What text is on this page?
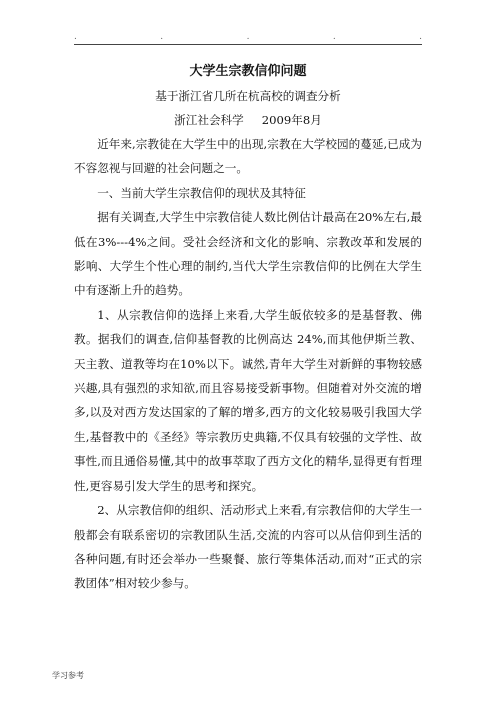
.	.	.	.	.
大学生宗教信仰问题
基于浙江省几所在杭高校的调查分析
浙江社会科学 2009年8月

近年来,宗教徒在大学生中的出现,宗教在大学校园的蔓延,已成为不容忽视与回避的社会问题之一。

一、当前大学生宗教信仰的现状及其特征

据有关调查,大学生中宗教信徒人数比例估计最高在20%左右,最低在3%---4%之间。受社会经济和文化的影响、宗教改革和发展的影响、大学生个性心理的制约,当代大学生宗教信仰的比例在大学生中有逐渐上升的趋势。

1、从宗教信仰的选择上来看,大学生皈依较多的是基督教、佛教。据我们的调查,信仰基督教的比例高达 24%,而其他伊斯兰教、天主教、道教等均在10%以下。诚然,青年大学生对新鲜的事物较感兴趣,具有强烈的求知欲,而且容易接受新事物。但随着对外交流的增多,以及对西方发达国家的了解的增多,西方的文化较易吸引我国大学生,基督教中的《圣经》等宗教历史典籍,不仅具有较强的文学性、故事性,而且通俗易懂,其中的故事萃取了西方文化的精华,显得更有哲理性,更容易引发大学生的思考和探究。

2、从宗教信仰的组织、活动形式上来看,有宗教信仰的大学生一般都会有联系密切的宗教团队生活,交流的内容可以从信仰到生活的各种问题,有时还会举办一些聚餐、旅行等集体活动,而对“正式的宗教团体”相对较少参与。

学习参考
